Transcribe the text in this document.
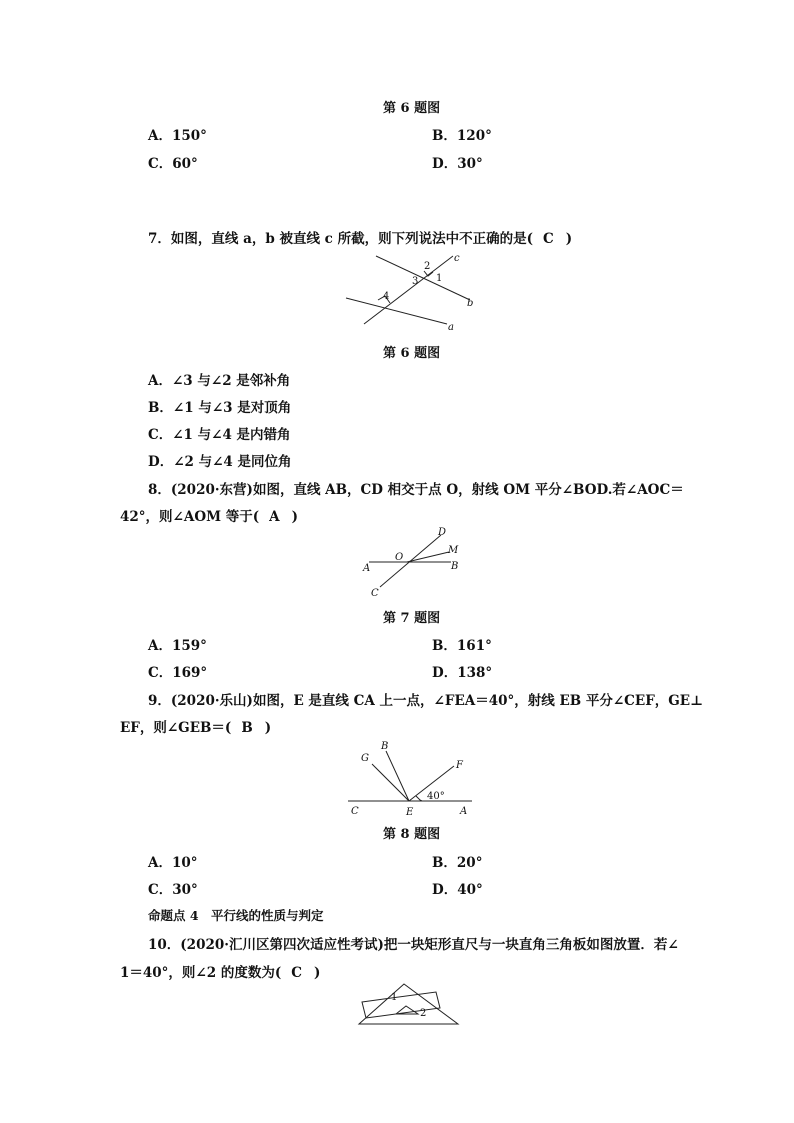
第 6 题图
A．150°	B．120°
C．60°	D．30°
7．如图，直线 a，b 被直线 c 所截，则下列说法中不正确的是( C )
2
c
3 1
b
4
a
第 6 题图
A．∠3 与∠2 是邻补角
B．∠1 与∠3 是对顶角
C．∠1 与∠4 是内错角
D．∠2 与∠4 是同位角
8．(2020·东营)如图，直线 AB，CD 相交于点 O，射线 OM 平分∠BOD.若∠AOC＝
42°，则∠AOM 等于( A )
D
M
O
A	B
C
第 7 题图
A．159°	B．161°
C．169°	D．138°
9．(2020·乐山)如图，E 是直线 CA 上一点，∠FEA＝40°，射线 EB 平分∠CEF，GE⊥
EF，则∠GEB＝( B )
B
G
F
40°
C	E	A
第 8 题图
A．10°	B．20°
C．30°	D．40°
命题点 4　平行线的性质与判定
10．(2020·汇川区第四次适应性考试)把一块矩形直尺与一块直角三角板如图放置．若∠
1＝40°，则∠2 的度数为( C )
1
2
